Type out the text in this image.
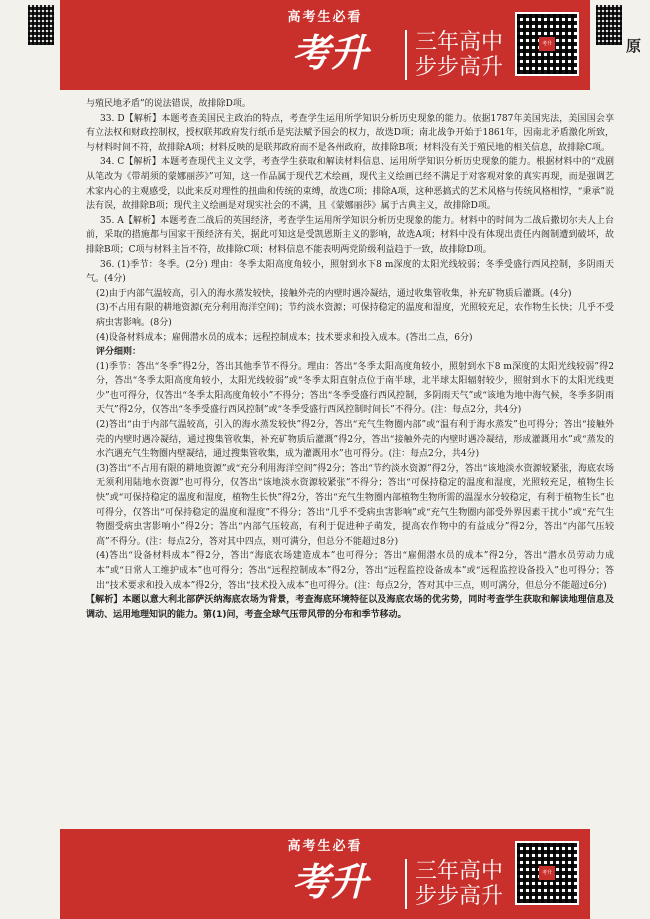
原
高考生必看
考升	三年高中
步步高升
考升

与殖民地矛盾”的说法错误，故排除D项。

33. D【解析】本题考查美国民主政治的特点，考查学生运用所学知识分析历史现象的能力。依据1787年美国宪法，美国国会享有立法权和财政控制权，授权联邦政府发行纸币是宪法赋予国会的权力，故选D项；南北战争开始于1861年，因南北矛盾激化所致，与材料时间不符，故排除A项；材料反映的是联邦政府而不是各州政府，故排除B项；材料没有关于殖民地的相关信息，故排除C项。

34. C【解析】本题考查现代主义文学，考查学生获取和解读材料信息、运用所学知识分析历史现象的能力。根据材料中的“戏剧从笔改为《带胡须的蒙娜丽莎》”可知，这一作品属于现代艺术绘画，现代主义绘画已经不满足于对客观对象的真实再现，而是强调艺术家内心的主观感受，以此来反对理性的扭曲和传统的束缚，故选C项；排除A项，这种恶搞式的艺术风格与传统风格相悖，“秉承”说法有误，故排除B项；现代主义绘画是对现实社会的不满，且《蒙娜丽莎》属于古典主义，故排除D项。

35. A【解析】本题考查二战后的英国经济，考查学生运用所学知识分析历史现象的能力。材料中的时间为二战后撒切尔夫人上台前，采取的措施都与国家干预经济有关，据此可知这是受凯恩斯主义的影响，故选A项；材料中没有体现出责任内阁制遭到破坏，故排除B项；C项与材料主旨不符，故排除C项；材料信息不能表明两党阶级利益趋于一致，故排除D项。

36. (1)季节：冬季。(2分) 理由：冬季太阳高度角较小，照射到水下8 m深度的太阳光线较弱；冬季受盛行西风控制，多阴雨天气。(4分)

(2)由于内部气温较高，引入的海水蒸发较快，接触外壳的内壁时遇冷凝结，通过收集管收集，补充矿物质后灌溉。(4分)

(3)不占用有限的耕地资源(充分利用海洋空间)；节约淡水资源；可保持稳定的温度和湿度，光照较充足，农作物生长快；几乎不受病虫害影响。(8分)

(4)设备材料成本；雇佣潜水员的成本；远程控制成本；技术要求和投入成本。(答出二点，6分)

评分细则：

(1)季节：答出“冬季”得2分，答出其他季节不得分。理由：答出“冬季太阳高度角较小，照射到水下8 m深度的太阳光线较弱”得2分，答出“冬季太阳高度角较小，太阳光线较弱”或“冬季太阳直射点位于南半球，北半球太阳辐射较少，照射到水下的太阳光线更少”也可得分，仅答出“冬季太阳高度角较小”不得分；答出“冬季受盛行西风控制，多阴雨天气”或“该地为地中海气候，冬季多阴雨天气”得2分，仅答出“冬季受盛行西风控制”或“冬季受盛行西风控制时间长”不得分。(注：每点2分，共4分)

(2)答出“由于内部气温较高，引入的海水蒸发较快”得2分，答出“充气生物圈内部”或“温有利于海水蒸发”也可得分；答出“接触外壳的内壁时遇冷凝结，通过搜集管收集，补充矿物质后灌溉”得2分，答出“接触外壳的内壁时遇冷凝结，形成灌溉用水”或“蒸发的水汽遇充气生物圈内壁凝结，通过搜集管收集，成为灌溉用水”也可得分。(注：每点2分，共4分)

(3)答出“不占用有限的耕地资源”或“充分利用海洋空间”得2分；答出“节约淡水资源”得2分，答出“该地淡水资源较紧张，海底农场无须利用陆地水资源”也可得分，仅答出“该地淡水资源较紧张”不得分；答出“可保持稳定的温度和湿度，光照较充足，植物生长快”或“可保持稳定的温度和湿度，植物生长快”得2分，答出“充气生物圈内部植物生物所需的温湿水分较稳定，有利于植物生长”也可得分，仅答出“可保持稳定的温度和湿度”不得分；答出“几乎不受病虫害影响”或“充气生物圈内部受外界因素干扰小”或“充气生物圈受病虫害影响小”得2分；答出“内部气压较高，有利于促进种子萌发，提高农作物中的有益成分”得2分，答出“内部气压较高”不得分。(注：每点2分，答对其中四点，则可满分，但总分不能超过8分)

(4)答出“设备材料成本”得2分，答出“海底农场建造成本”也可得分；答出“雇佣潜水员的成本”得2分，答出“潜水员劳动力成本”或“日常人工维护成本”也可得分；答出“远程控制成本”得2分，答出“远程监控设备成本”或“远程监控设备投入”也可得分；答出“技术要求和投入成本”得2分，答出“技术投入成本”也可得分。(注：每点2分，答对其中三点，则可满分，但总分不能超过6分)

【解析】本题以意大利北部萨沃纳海底农场为背景，考查海底环境特征以及海底农场的优劣势，同时考查学生获取和解读地理信息及调动、运用地理知识的能力。第(1)问，考查全球气压带风带的分布和季节移动。

高考生必看
考升	三年高中
步步高升
考升
